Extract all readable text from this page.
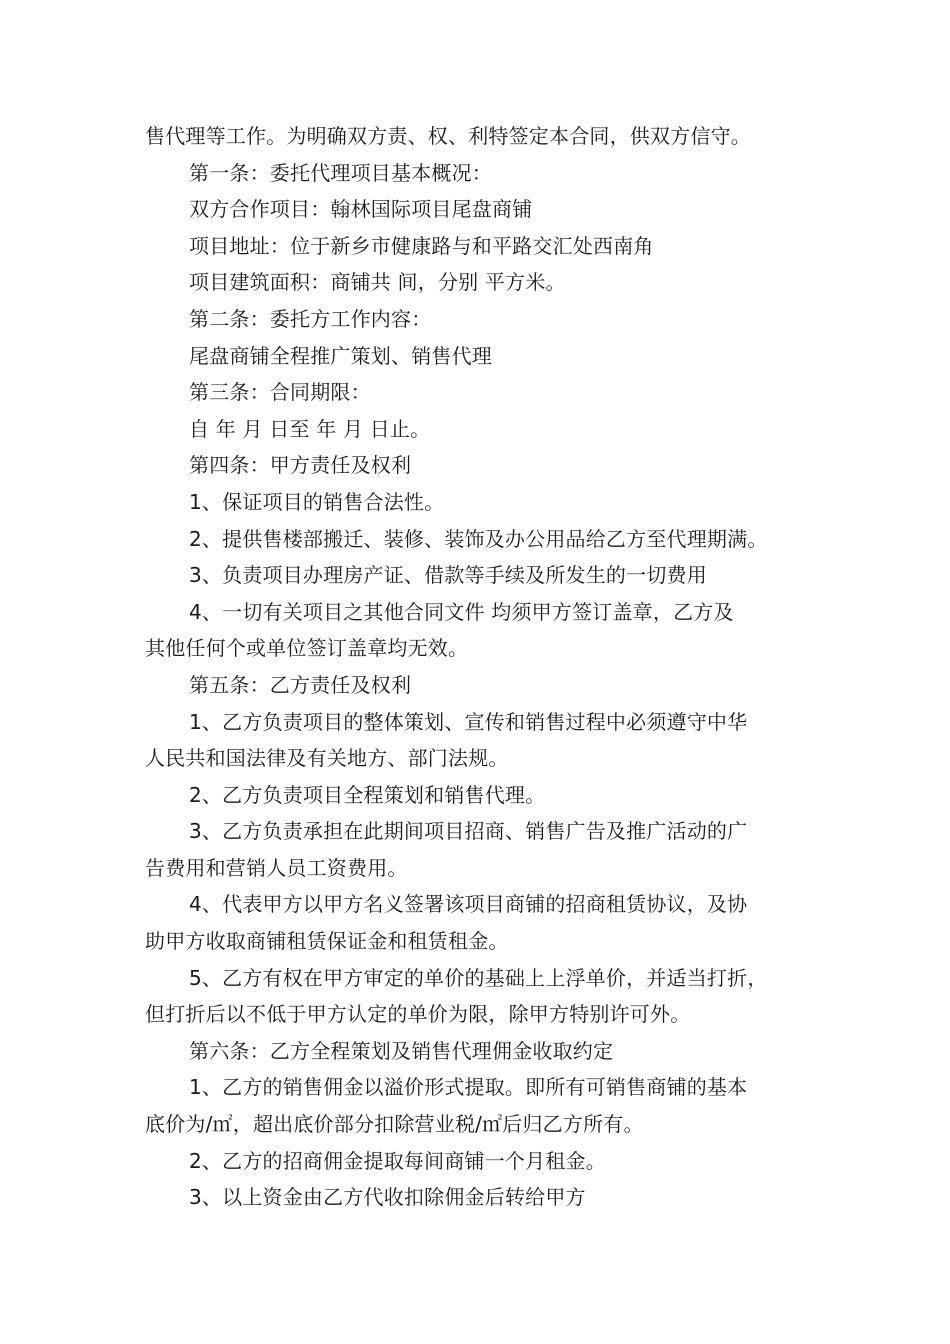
售代理等工作。为明确双方责、权、利特签定本合同，供双方信守。
第一条：委托代理项目基本概况：
双方合作项目：翰林国际项目尾盘商铺
项目地址：位于新乡市健康路与和平路交汇处西南角
项目建筑面积：商铺共 间，分别 平方米。
第二条：委托方工作内容：
尾盘商铺全程推广策划、销售代理
第三条：合同期限：
自 年 月 日至 年 月 日止。
第四条：甲方责任及权利
1、保证项目的销售合法性。
2、提供售楼部搬迁、装修、装饰及办公用品给乙方至代理期满。
3、负责项目办理房产证、借款等手续及所发生的一切费用
4、一切有关项目之其他合同文件 均须甲方签订盖章，乙方及
其他任何个或单位签订盖章均无效。
第五条：乙方责任及权利
1、乙方负责项目的整体策划、宣传和销售过程中必须遵守中华
人民共和国法律及有关地方、部门法规。
2、乙方负责项目全程策划和销售代理。
3、乙方负责承担在此期间项目招商、销售广告及推广活动的广
告费用和营销人员工资费用。
4、代表甲方以甲方名义签署该项目商铺的招商租赁协议，及协
助甲方收取商铺租赁保证金和租赁租金。
5、乙方有权在甲方审定的单价的基础上上浮单价，并适当打折，
但打折后以不低于甲方认定的单价为限，除甲方特别许可外。
第六条：乙方全程策划及销售代理佣金收取约定
1、乙方的销售佣金以溢价形式提取。即所有可销售商铺的基本
底价为/㎡，超出底价部分扣除营业税/㎡后归乙方所有。
2、乙方的招商佣金提取每间商铺一个月租金。
3、以上资金由乙方代收扣除佣金后转给甲方
